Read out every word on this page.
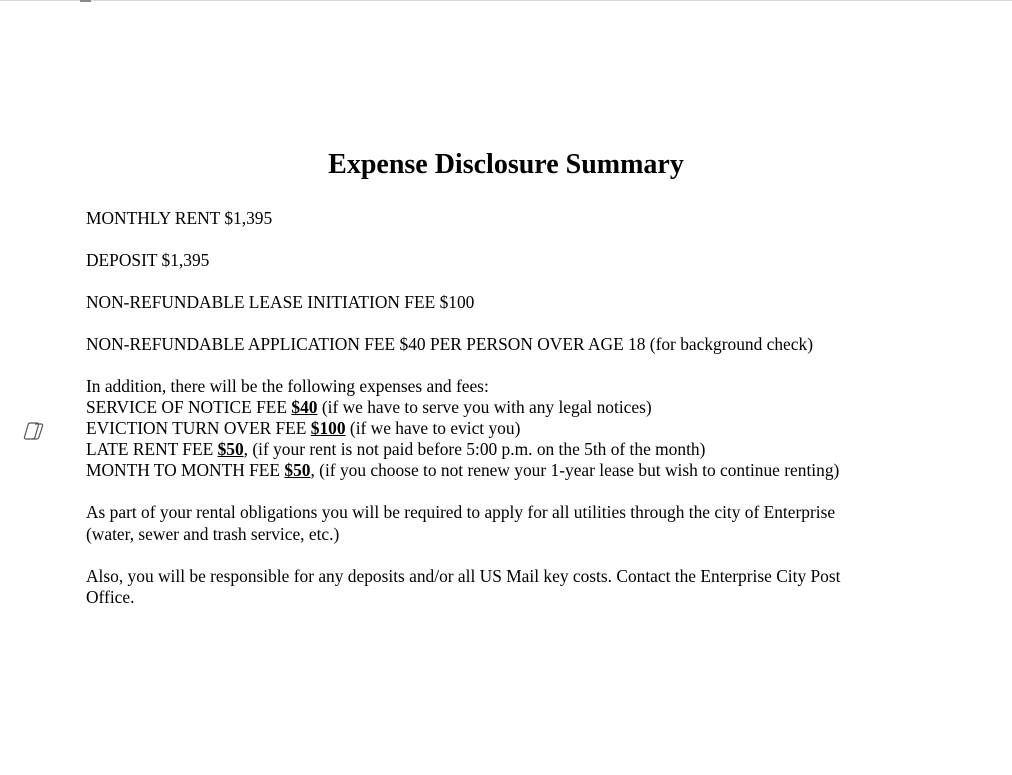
Expense Disclosure Summary
MONTHLY RENT $1,395
DEPOSIT $1,395
NON-REFUNDABLE LEASE INITIATION FEE $100
NON-REFUNDABLE APPLICATION FEE $40 PER PERSON OVER AGE 18 (for background check)
In addition, there will be the following expenses and fees:
SERVICE OF NOTICE FEE $40 (if we have to serve you with any legal notices)
EVICTION TURN OVER FEE $100 (if we have to evict you)
LATE RENT FEE $50, (if your rent is not paid before 5:00 p.m. on the 5th of the month)
MONTH TO MONTH FEE $50, (if you choose to not renew your 1-year lease but wish to continue renting)
As part of your rental obligations you will be required to apply for all utilities through the city of Enterprise
(water, sewer and trash service, etc.)
Also, you will be responsible for any deposits and/or all US Mail key costs. Contact the Enterprise City Post
Office.
